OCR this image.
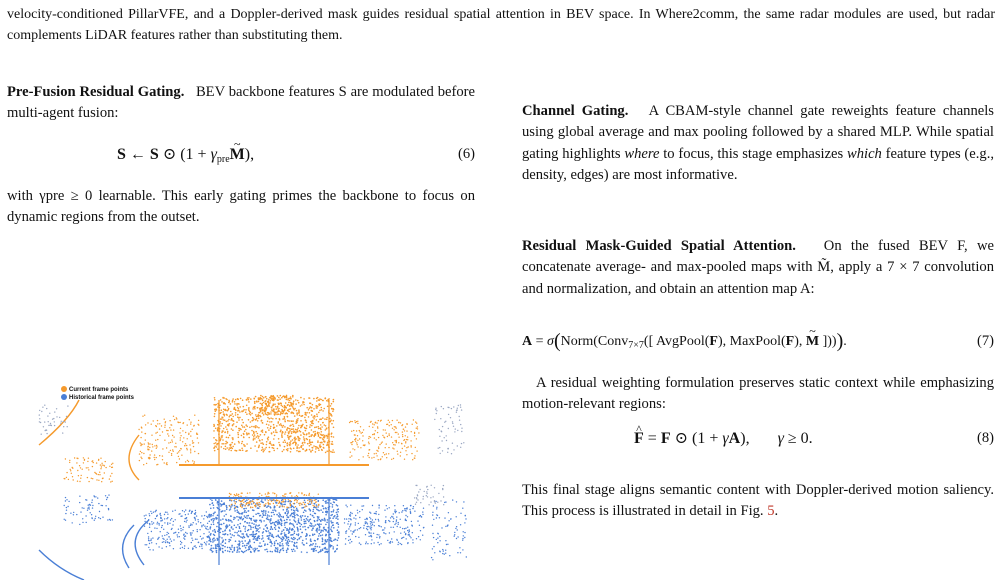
velocity-conditioned PillarVFE, and a Doppler-derived mask guides residual spatial attention in BEV space. In Where2comm, the same radar modules are used, but radar complements LiDAR features rather than substituting them.

Pre-Fusion Residual Gating. BEV backbone features S are modulated before multi-agent fusion:

S ← S ⊙ ($1 + \gamma_{pre}\sim$ M),	(6)

with γpre ≥ 0 learnable. This early gating primes the backbone to focus on dynamic regions from the outset.

Current frame points
Historical frame points

Channel Gating. A CBAM-style channel gate reweights feature channels using global average and max pooling followed by a shared MLP. While spatial gating highlights where to focus, this stage emphasizes which feature types (e.g., density, edges) are most informative.

Residual Mask-Guided Spatial Attention. On the fused BEV F, we concatenate average- and max-pooled maps with M̃, apply a 7 × 7 convolution and normalization, and obtain an attention map A:

A = σ(Norm(Conv$_{7\times 7}$([ AvgPool(F), MaxPool(F), ~ M ]))).	(7)

A residual weighting formulation preserves static context while emphasizing motion-relevant regions:

^ F = F ⊙ (1 + γA),       γ ≥ 0.	(8)

This final stage aligns semantic content with Doppler-derived motion saliency. This process is illustrated in detail in Fig. 5.
